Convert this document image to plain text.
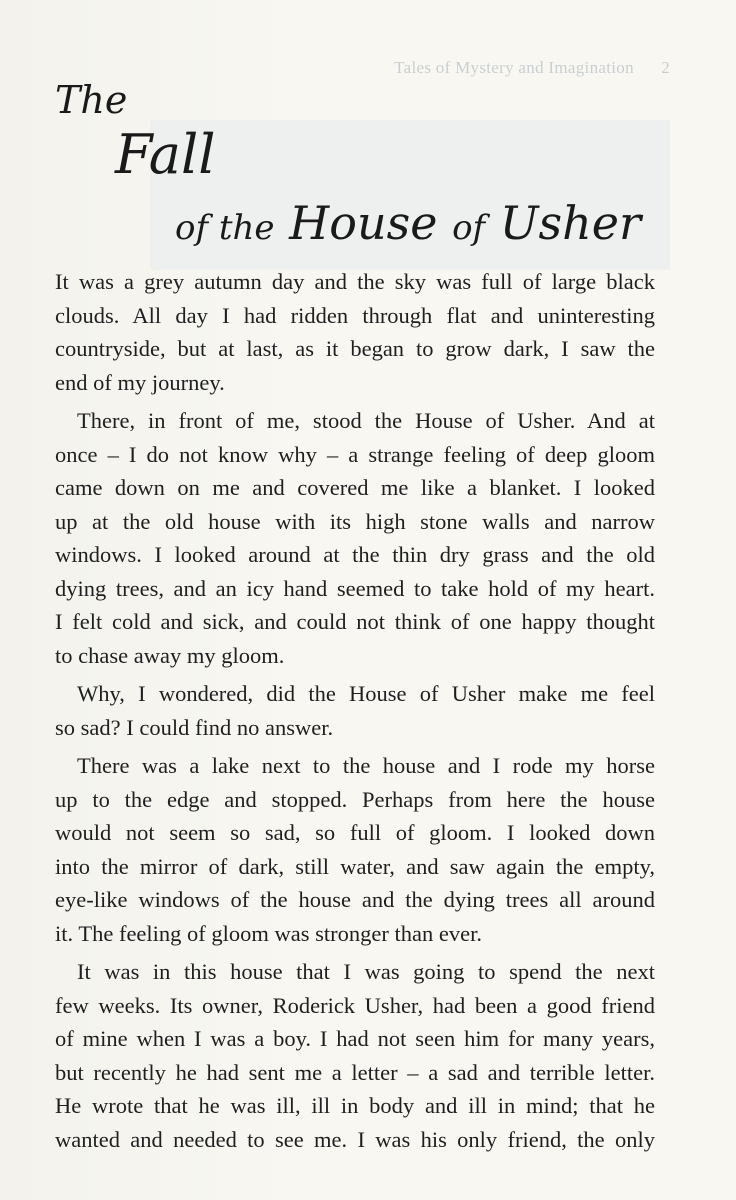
Tales of Mystery and Imagination 2
The
Fall
of the House of Usher
It was a grey autumn day and the sky was full of large black
clouds. All day I had ridden through flat and uninteresting
countryside, but at last, as it began to grow dark, I saw the
end of my journey.
There, in front of me, stood the House of Usher. And at
once – I do not know why – a strange feeling of deep gloom
came down on me and covered me like a blanket. I looked
up at the old house with its high stone walls and narrow
windows. I looked around at the thin dry grass and the old
dying trees, and an icy hand seemed to take hold of my heart.
I felt cold and sick, and could not think of one happy thought
to chase away my gloom.
Why, I wondered, did the House of Usher make me feel
so sad? I could find no answer.
There was a lake next to the house and I rode my horse
up to the edge and stopped. Perhaps from here the house
would not seem so sad, so full of gloom. I looked down
into the mirror of dark, still water, and saw again the empty,
eye-like windows of the house and the dying trees all around
it. The feeling of gloom was stronger than ever.
It was in this house that I was going to spend the next
few weeks. Its owner, Roderick Usher, had been a good friend
of mine when I was a boy. I had not seen him for many years,
but recently he had sent me a letter – a sad and terrible letter.
He wrote that he was ill, ill in body and ill in mind; that he
wanted and needed to see me. I was his only friend, the only
